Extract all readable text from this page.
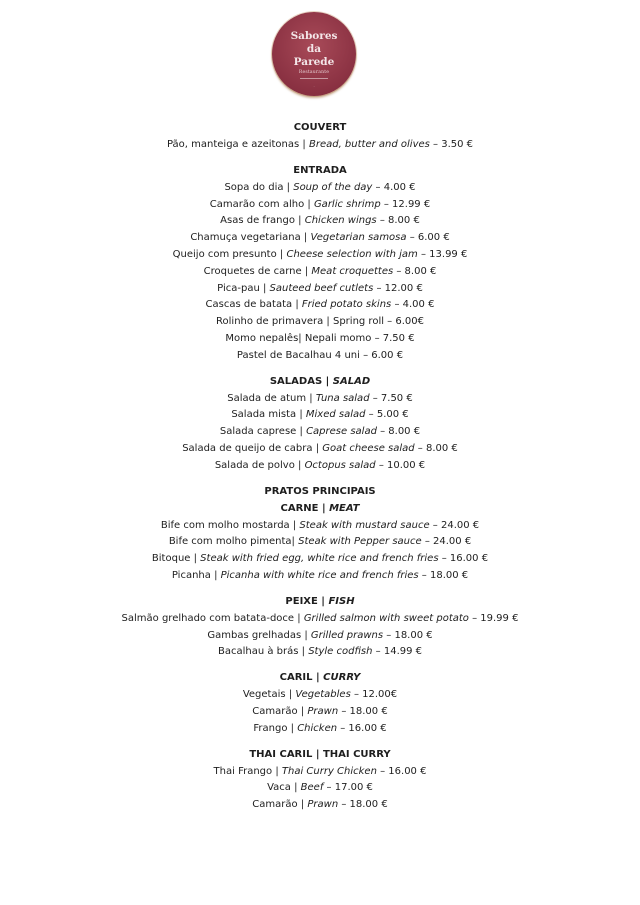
Sabores
da
Parede
Restaurante
.
COUVERT
Pão, manteiga e azeitonas | Bread, butter and olives – 3.50 €
ENTRADA
Sopa do dia | Soup of the day – 4.00 €
Camarão com alho | Garlic shrimp – 12.99 €
Asas de frango | Chicken wings – 8.00 €
Chamuça vegetariana | Vegetarian samosa – 6.00 €
Queijo com presunto | Cheese selection with jam – 13.99 €
Croquetes de carne | Meat croquettes – 8.00 €
Pica-pau | Sauteed beef cutlets – 12.00 €
Cascas de batata | Fried potato skins – 4.00 €
Rolinho de primavera | Spring roll – 6.00€
Momo nepalês| Nepali momo – 7.50 €
Pastel de Bacalhau 4 uni – 6.00 €
SALADAS | SALAD
Salada de atum | Tuna salad – 7.50 €
Salada mista | Mixed salad – 5.00 €
Salada caprese | Caprese salad – 8.00 €
Salada de queijo de cabra | Goat cheese salad – 8.00 €
Salada de polvo | Octopus salad – 10.00 €
PRATOS PRINCIPAIS
CARNE | MEAT
Bife com molho mostarda | Steak with mustard sauce – 24.00 €
Bife com molho pimenta| Steak with Pepper sauce – 24.00 €
Bitoque | Steak with fried egg, white rice and french fries – 16.00 €
Picanha | Picanha with white rice and french fries – 18.00 €
PEIXE | FISH
Salmão grelhado com batata-doce | Grilled salmon with sweet potato – 19.99 €
Gambas grelhadas | Grilled prawns – 18.00 €
Bacalhau à brás | Style codfish – 14.99 €
CARIL | CURRY
Vegetais | Vegetables – 12.00€
Camarão | Prawn – 18.00 €
Frango | Chicken – 16.00 €
THAI CARIL | THAI CURRY
Thai Frango | Thai Curry Chicken – 16.00 €
Vaca | Beef – 17.00 €
Camarão | Prawn – 18.00 €
